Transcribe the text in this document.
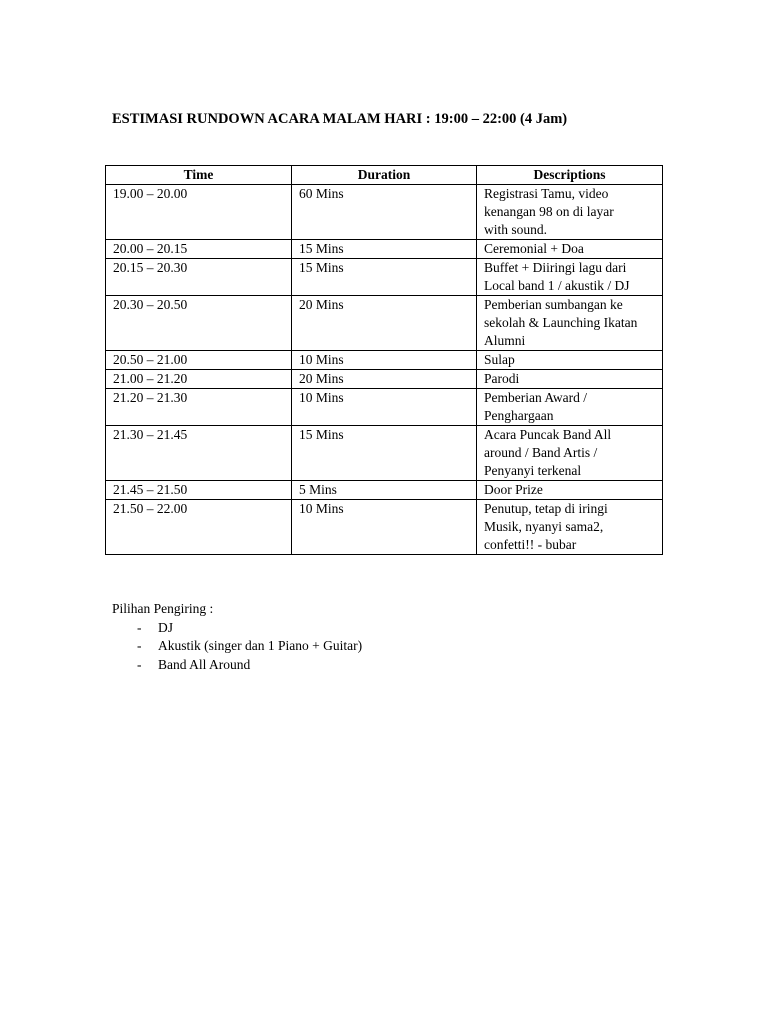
ESTIMASI RUNDOWN ACARA MALAM HARI : 19:00 – 22:00 (4 Jam)
Time	Duration	Descriptions
19.00 – 20.00	60 Mins	Registrasi Tamu, video
kenangan 98 on di layar
with sound.
20.00 – 20.15	15 Mins	Ceremonial + Doa
20.15 – 20.30	15 Mins	Buffet + Diiringi lagu dari
Local band 1 / akustik / DJ
20.30 – 20.50	20 Mins	Pemberian sumbangan ke
sekolah & Launching Ikatan
Alumni
20.50 – 21.00	10 Mins	Sulap
21.00 – 21.20	20 Mins	Parodi
21.20 – 21.30	10 Mins	Pemberian Award /
Penghargaan
21.30 – 21.45	15 Mins	Acara Puncak Band All
around / Band Artis /
Penyanyi terkenal
21.45 – 21.50	5 Mins	Door Prize
21.50 – 22.00	10 Mins	Penutup, tetap di iringi
Musik, nyanyi sama2,
confetti!! - bubar

Pilihan Pengiring :

- DJ
- Akustik (singer dan 1 Piano + Guitar)
- Band All Around
